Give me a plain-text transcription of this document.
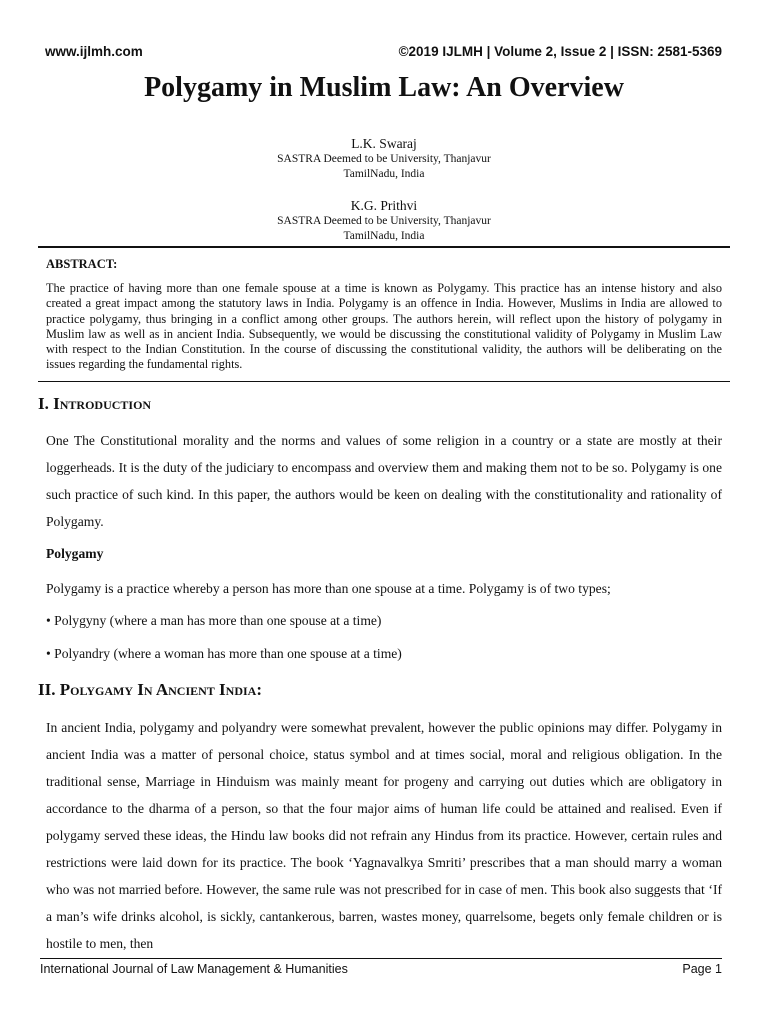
www.ijlmh.com	©2019 IJLMH | Volume 2, Issue 2 | ISSN: 2581-5369
Polygamy in Muslim Law: An Overview
L.K. Swaraj
SASTRA Deemed to be University, Thanjavur
TamilNadu, India
K.G. Prithvi
SASTRA Deemed to be University, Thanjavur
TamilNadu, India
ABSTRACT:

The practice of having more than one female spouse at a time is known as Polygamy. This practice has an intense history and also created a great impact among the statutory laws in India. Polygamy is an offence in India. However, Muslims in India are allowed to practice polygamy, thus bringing in a conflict among other groups. The authors herein, will reflect upon the history of polygamy in Muslim law as well as in ancient India. Subsequently, we would be discussing the constitutional validity of Polygamy in Muslim Law with respect to the Indian Constitution. In the course of discussing the constitutional validity, the authors will be deliberating on the issues regarding the fundamental rights.

I. Introduction

One The Constitutional morality and the norms and values of some religion in a country or a state are mostly at their loggerheads. It is the duty of the judiciary to encompass and overview them and making them not to be so. Polygamy is one such practice of such kind. In this paper, the authors would be keen on dealing with the constitutionality and rationality of Polygamy.

Polygamy

Polygamy is a practice whereby a person has more than one spouse at a time. Polygamy is of two types;

• Polygyny (where a man has more than one spouse at a time)
• Polyandry (where a woman has more than one spouse at a time)
II. Polygamy In Ancient India:

In ancient India, polygamy and polyandry were somewhat prevalent, however the public opinions may differ. Polygamy in ancient India was a matter of personal choice, status symbol and at times social, moral and religious obligation. In the traditional sense, Marriage in Hinduism was mainly meant for progeny and carrying out duties which are obligatory in accordance to the dharma of a person, so that the four major aims of human life could be attained and realised. Even if polygamy served these ideas, the Hindu law books did not refrain any Hindus from its practice. However, certain rules and restrictions were laid down for its practice. The book ‘Yagnavalkya Smriti’ prescribes that a man should marry a woman who was not married before. However, the same rule was not prescribed for in case of men. This book also suggests that ‘If a man’s wife drinks alcohol, is sickly, cantankerous, barren, wastes money, quarrelsome, begets only female children or is hostile to men, then

International Journal of Law Management & Humanities	Page 1
